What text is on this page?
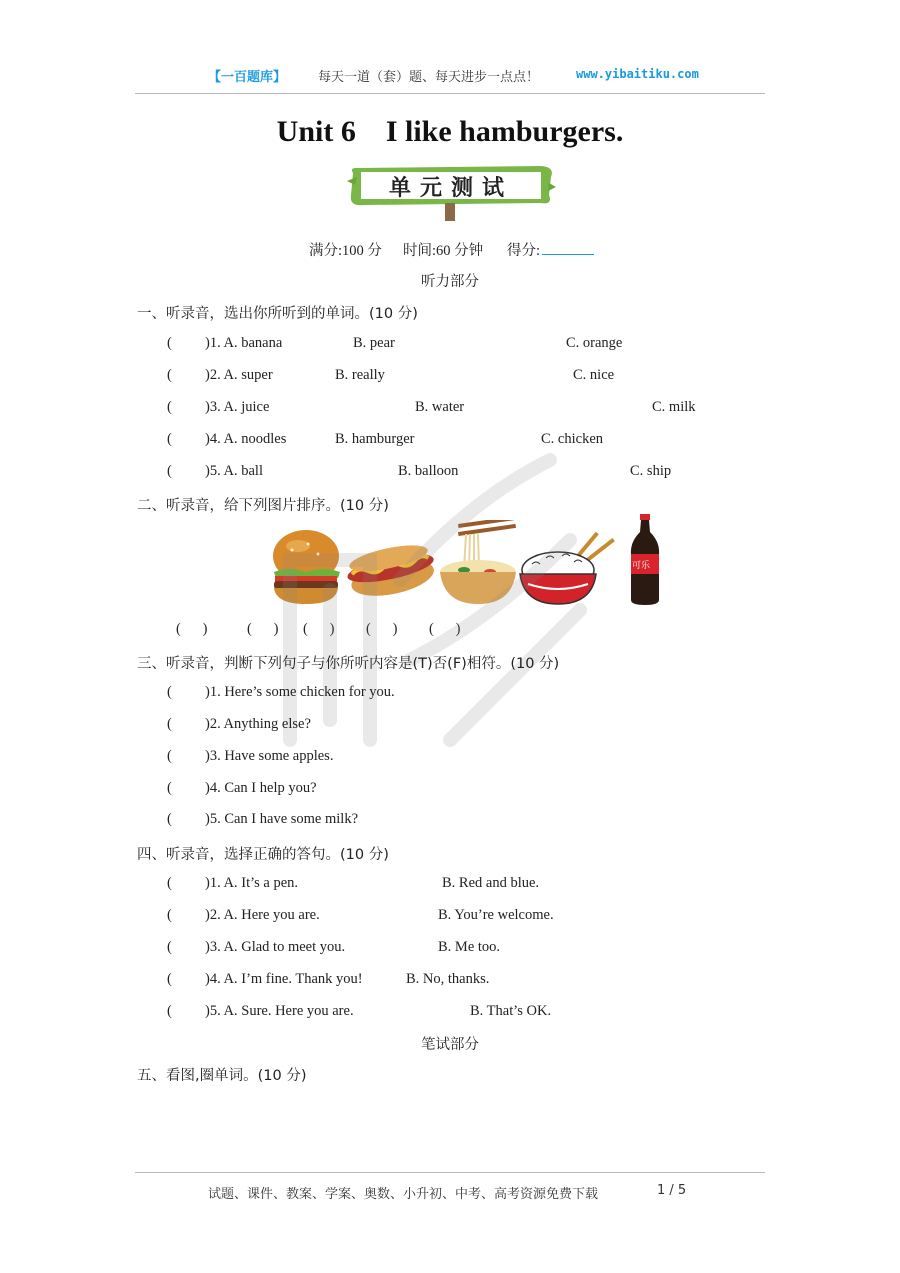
【一百题库】 每天一道（套）题、每天进步一点点！	www.yibaitiku.com
Unit 6    I like hamburgers.
单元测试
满分:100 分 时间:60 分钟 得分:
听力部分
一、听录音，选出你所听到的单词。(10 分)
( )1. A. banana	B. pear	C. orange
( )2. A. super	B. really	C. nice
( )3. A. juice	B. water	C. milk
( )4. A. noodles	B. hamburger	C. chicken
( )5. A. ball	B. balloon	C. ship
二、听录音，给下列图片排序。(10 分)
可乐
(      )	(      ) (      ) (      ) (      )
三、听录音，判断下列句子与你所听内容是(T)否(F)相符。(10 分)
( )1. Here’s some chicken for you.
( )2. Anything else?
( )3. Have some apples.
( )4. Can I help you?
( )5. Can I have some milk?
四、听录音，选择正确的答句。(10 分)
( )1. A. It’s a pen.	B. Red and blue.
( )2. A. Here you are.	B. You’re welcome.
( )3. A. Glad to meet you.	B. Me too.
( )4. A. I’m fine. Thank you!	B. No, thanks.
( )5. A. Sure. Here you are.	B. That’s OK.
笔试部分
五、看图,圈单词。(10 分)
试题、课件、教案、学案、奥数、小升初、中考、高考资源免费下载	1 / 5
